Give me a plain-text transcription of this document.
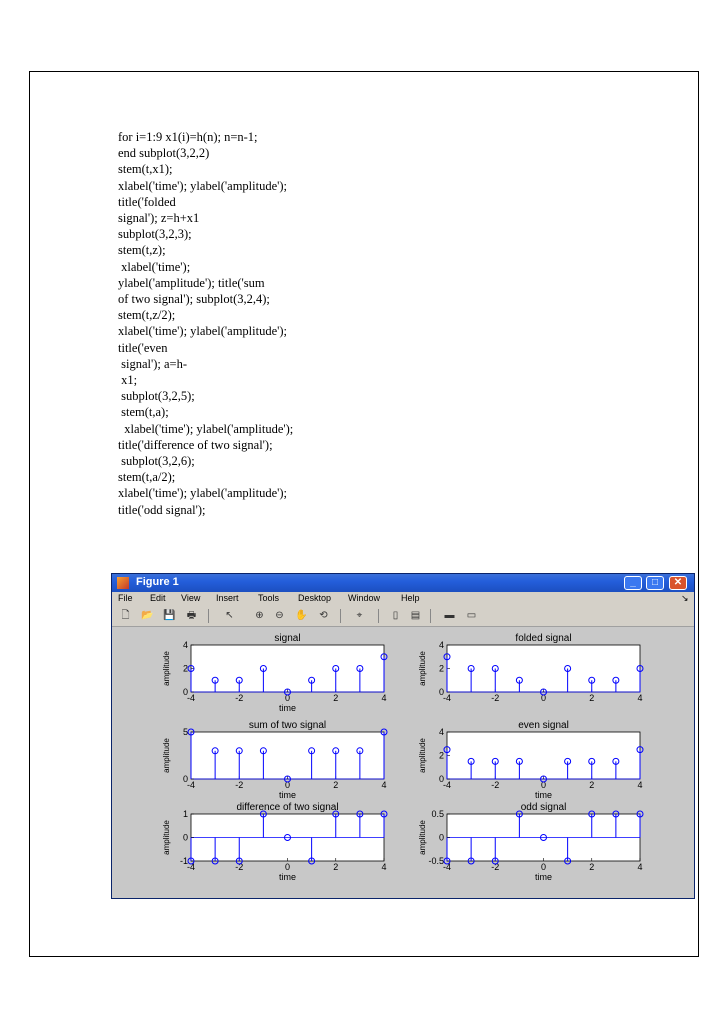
for i=1:9 x1(i)=h(n); n=n-1;
end subplot(3,2,2)
stem(t,x1);
xlabel('time'); ylabel('amplitude');
title('folded
signal'); z=h+x1
subplot(3,2,3);
stem(t,z);
xlabel('time');
ylabel('amplitude'); title('sum
of two signal'); subplot(3,2,4);
stem(t,z/2);
xlabel('time'); ylabel('amplitude');
title('even
signal'); a=h-
x1;
subplot(3,2,5);
stem(t,a);
xlabel('time'); ylabel('amplitude');
title('difference of two signal');
subplot(3,2,6);
stem(t,a/2);
xlabel('time'); ylabel('amplitude');
title('odd signal');
Figure 1	_	□	✕
↘
File Edit View Insert Tools Desktop Window Help
🗋	📂 💾 🖶	↖	⊕	⊖	✋	⟲	⌖	▯	▤ ▬ ▭
-4	-2	0	2	4
0
2
4
signal
time
amplitude
-4	-2	0	2	4
0
2
4
folded signal
amplitude
-4	-2	0	2	4
0
5
sum of two signal
time
amplitude
-4	-2	0	2	4
0
2
4
even signal
time
amplitude
-4	-2	0	2	4
-1
0
1
difference of two signal
time
amplitude
-4	-2	0	2	4
-0.5
0
0.5
odd signal
time
amplitude
